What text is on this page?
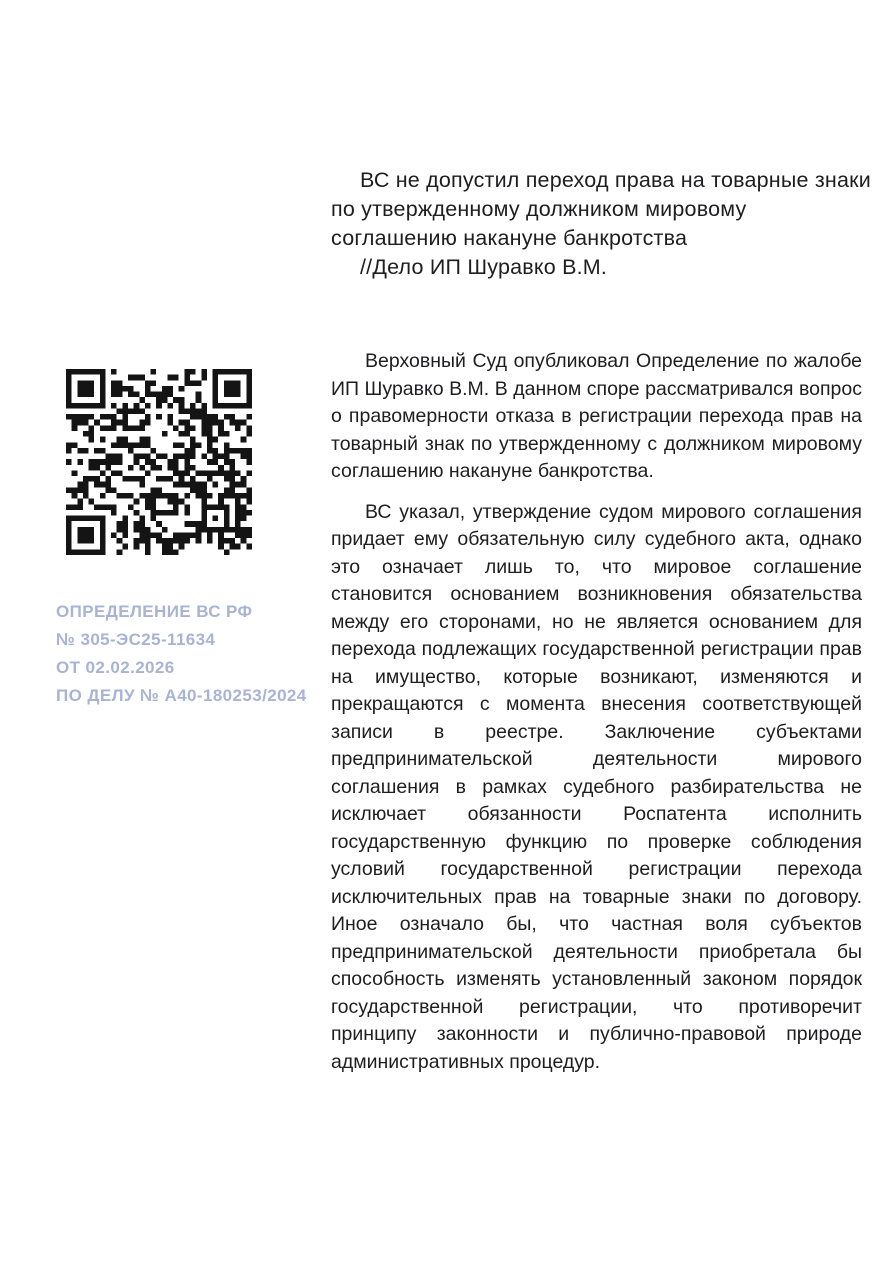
ВС не допустил переход права на товарные знаки по утвержденному должником мировому соглашению накануне банкротства

//Дело ИП Шуравко В.М.

ОПРЕДЕЛЕНИЕ ВС РФ
№ 305-ЭС25-11634
ОТ 02.02.2026
ПО ДЕЛУ № А40-180253/2024

Верховный Суд опубликовал Определение по жалобе ИП Шуравко В.М. В данном споре рассматривался вопрос о правомерности отказа в регистрации перехода прав на товарный знак по утвержденному с должником мировому соглашению накануне банкротства.

ВС указал, утверждение судом мирового соглашения придает ему обязательную силу судебного акта, однако это означает лишь то, что мировое соглашение становится основанием возникновения обязательства между его сторонами, но не является основанием для перехода подлежащих государственной регистрации прав на имущество, которые возникают, изменяются и прекращаются с момента внесения соответствующей записи в реестре. Заключение субъектами предпринимательской деятельности мирового соглашения в рамках судебного разбирательства не исключает обязанности Роспатента исполнить государственную функцию по проверке соблюдения условий государственной регистрации перехода исключительных прав на товарные знаки по договору. Иное означало бы, что частная воля субъектов предпринимательской деятельности приобретала бы способность изменять установленный законом порядок государственной регистрации, что противоречит принципу законности и публично-правовой природе административных процедур.
